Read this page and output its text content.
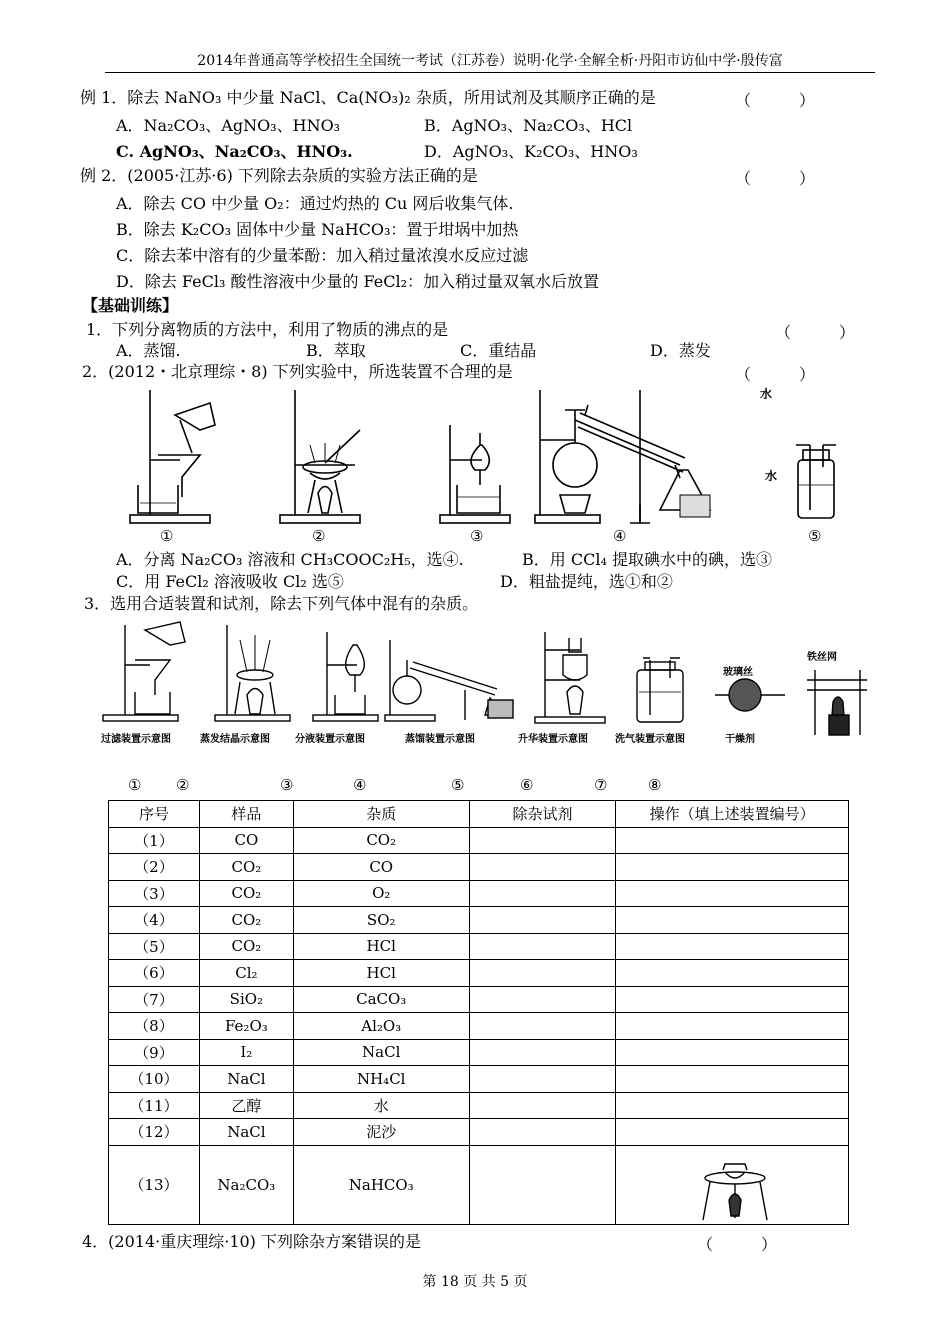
2014年普通高等学校招生全国统一考试（江苏卷）说明·化学·全解全析·丹阳市访仙中学·殷传富
例 1．除去 NaNO₃ 中少量 NaCl、Ca(NO₃)₂ 杂质，所用试剂及其顺序正确的是	（　　　）
A．Na₂CO₃、AgNO₃、HNO₃	B．AgNO₃、Na₂CO₃、HCl
C. AgNO₃、Na₂CO₃、HNO₃.	D．AgNO₃、K₂CO₃、HNO₃
例 2．(2005·江苏·6) 下列除去杂质的实验方法正确的是	（　　　）
A．除去 CO 中少量 O₂：通过灼热的 Cu 网后收集气体.
B．除去 K₂CO₃ 固体中少量 NaHCO₃：置于坩埚中加热
C．除去苯中溶有的少量苯酚：加入稍过量浓溴水反应过滤
D．除去 FeCl₃ 酸性溶液中少量的 FeCl₂：加入稍过量双氧水后放置
【基础训练】
1．下列分离物质的方法中，利用了物质的沸点的是	（　　　）
A．蒸馏.	B．萃取	C．重结晶	D．蒸发
2．(2012・北京理综・8) 下列实验中，所选装置不合理的是	（　　　）
水
水
①	②	③	④	⑤
A．分离 Na₂CO₃ 溶液和 CH₃COOC₂H₅，选④.	B．用 CCl₄ 提取碘水中的碘，选③
C．用 FeCl₂ 溶液吸收 Cl₂ 选⑤	D．粗盐提纯，选①和②
3．选用合适装置和试剂，除去下列气体中混有的杂质。
过滤装置示意图	蒸发结晶示意图	分液装置示意图	蒸馏装置示意图	升华装置示意图	洗气装置示意图	干燥剂
玻璃丝
铁丝网
① ②	③	④	⑤	⑥	⑦	⑧
序号	样品	杂质	除杂试剂	操作（填上述装置编号）
（1）	CO	CO₂		
（2）	CO₂	CO		
（3）	CO₂	O₂		
（4）	CO₂	SO₂		
（5）	CO₂	HCl		
（6）	Cl₂	HCl		
（7）	SiO₂	CaCO₃		
（8）	Fe₂O₃	Al₂O₃		
（9）	I₂	NaCl		
（10）	NaCl	NH₄Cl		
（11）	乙醇	水		
（12）	NaCl	泥沙		
（13）	Na₂CO₃	NaHCO₃		
4．(2014·重庆理综·10) 下列除杂方案错误的是	（　　　）
第 18 页 共 5 页
